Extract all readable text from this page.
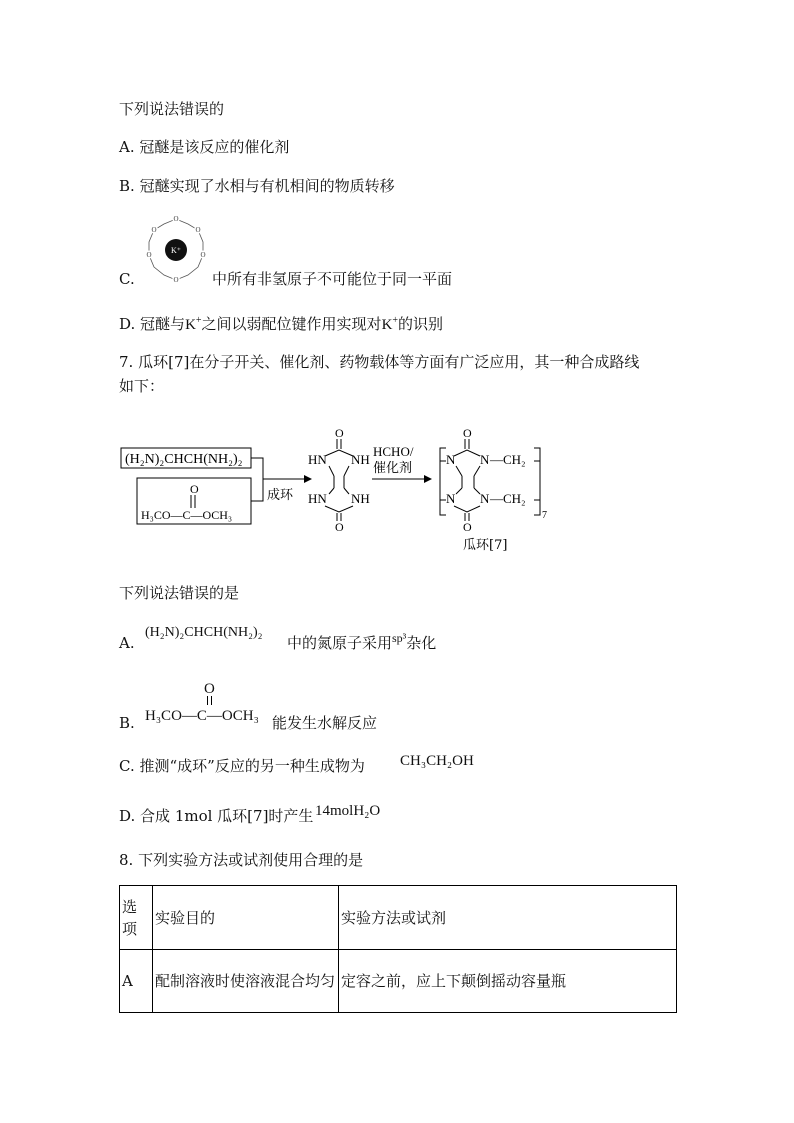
下列说法错误的
A. 冠醚是该反应的催化剂
B. 冠醚实现了水相与有机相间的物质转移
O
O
O
O
O
O
K⁺
C.	中所有非氢原子不可能位于同一平面
D. 冠醚与K+之间以弱配位键作用实现对K+的识别
7. 瓜环[7]在分子开关、催化剂、药物载体等方面有广泛应用，其一种合成路线
如下：
(H₂N)₂CHCH(NH₂)₂
O
H₃CO—C—OCH₃
成环
O
HN NH
HN NH
O
HCHO/
催化剂
O
N N
N N
—CH₂
—CH₂
O
7
瓜环[7]
下列说法错误的是
A.
(H₂N)₂CHCH(NH₂)₂
中的氮原子采用$^{sp^3}$杂化
B.
O
H₃CO—C—OCH₃ 能发生水解反应
C. 推测“成环”反应的另一种生成物为 CH₃CH₂OH
D. 合成 1mol 瓜环[7]时产生 14molH₂O
8. 下列实验方法或试剂使用合理的是
选项	实验目的	实验方法或试剂
A	配制溶液时使溶液混合均匀	定容之前，应上下颠倒摇动容量瓶
